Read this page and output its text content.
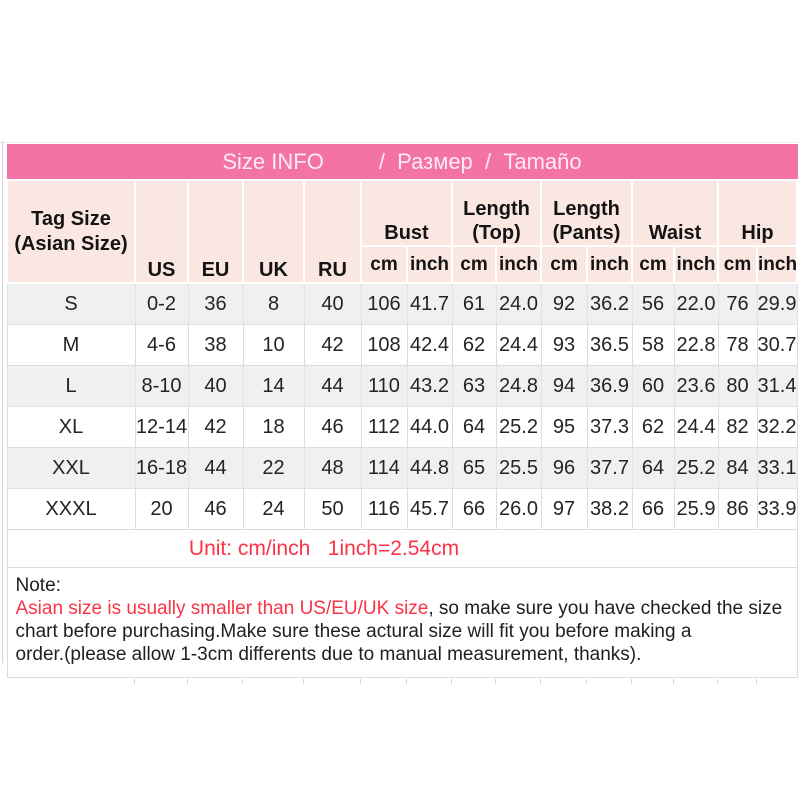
Size INFO         /  Размер  /  Tamaño														
Tag Size (Asian Size)	US	EU	UK	RU	Bust		Length (Top)		Length (Pants)		Waist		Hip	
					cm	inch	cm	inch	cm	inch	cm	inch	cm	inch
S	0-2	36	8	40	106	41.7	61	24.0	92	36.2	56	22.0	76	29.9
M	4-6	38	10	42	108	42.4	62	24.4	93	36.5	58	22.8	78	30.7
L	8-10	40	14	44	110	43.2	63	24.8	94	36.9	60	23.6	80	31.4
XL	12-14	42	18	46	112	44.0	64	25.2	95	37.3	62	24.4	82	32.2
XXL	16-18	44	22	48	114	44.8	65	25.5	96	37.7	64	25.2	84	33.1
XXXL	20	46	24	50	116	45.7	66	26.0	97	38.2	66	25.9	86	33.9
Unit: cm/inch   1inch=2.54cm														

Note:
Asian size is usually smaller than US/EU/UK size, so make sure you have checked the size
chart before purchasing.Make sure these actural size will fit you before making a
order.(please allow 1-3cm differents due to manual measurement, thanks).														
